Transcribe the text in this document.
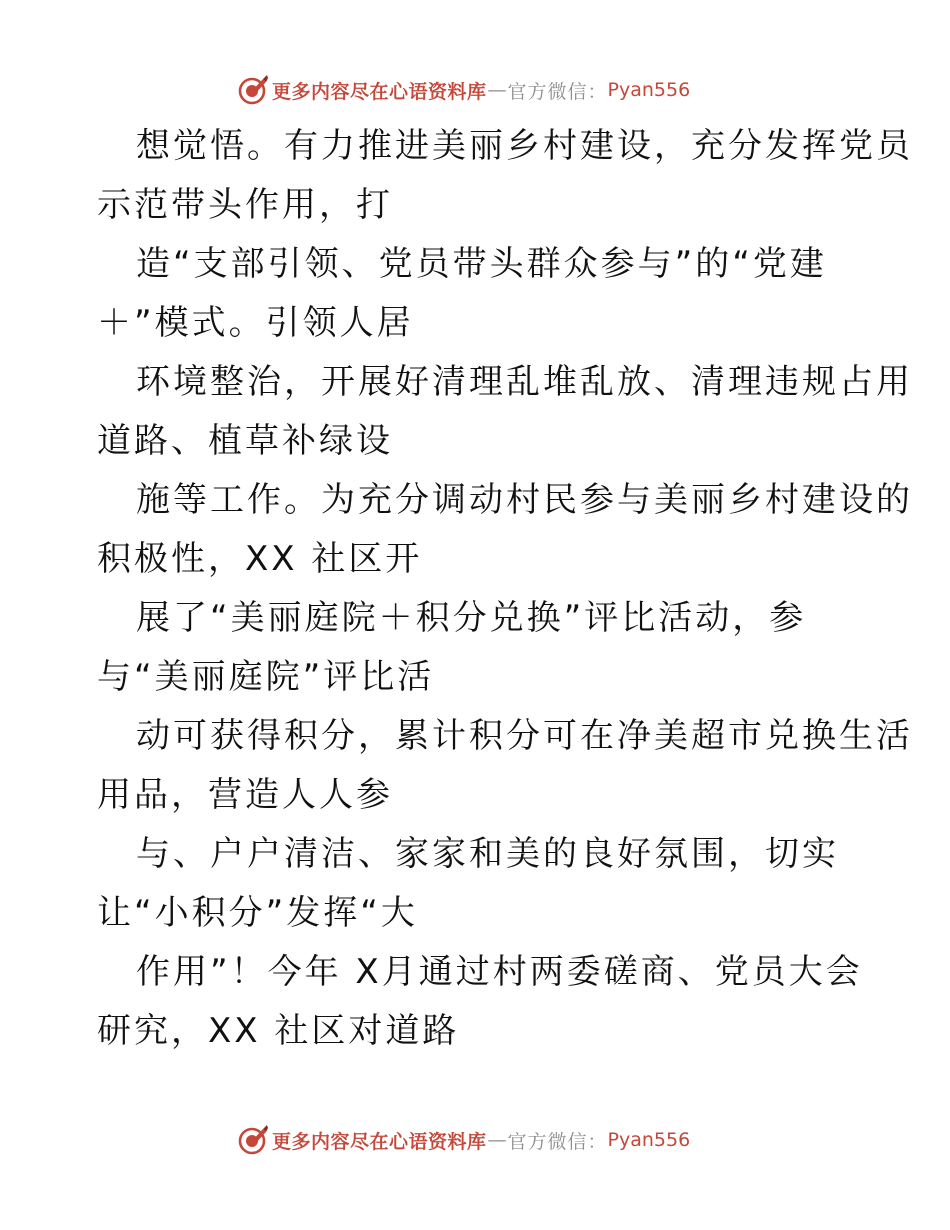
更多内容尽在心语资料库 — 官方微信： Pyan556
想觉悟。有力推进美丽乡村建设，充分发挥党员
示范带头作用，打
造“支部引领、党员带头群众参与”的“党建
＋”模式。引领人居
环境整治，开展好清理乱堆乱放、清理违规占用
道路、植草补绿设
施等工作。为充分调动村民参与美丽乡村建设的
积极性，XX 社区开
展了“美丽庭院＋积分兑换”评比活动，参
与“美丽庭院”评比活
动可获得积分，累计积分可在净美超市兑换生活
用品，营造人人参
与、户户清洁、家家和美的良好氛围，切实
让“小积分”发挥“大
作用”！今年 X月通过村两委磋商、党员大会
研究，XX 社区对道路
更多内容尽在心语资料库 — 官方微信： Pyan556
